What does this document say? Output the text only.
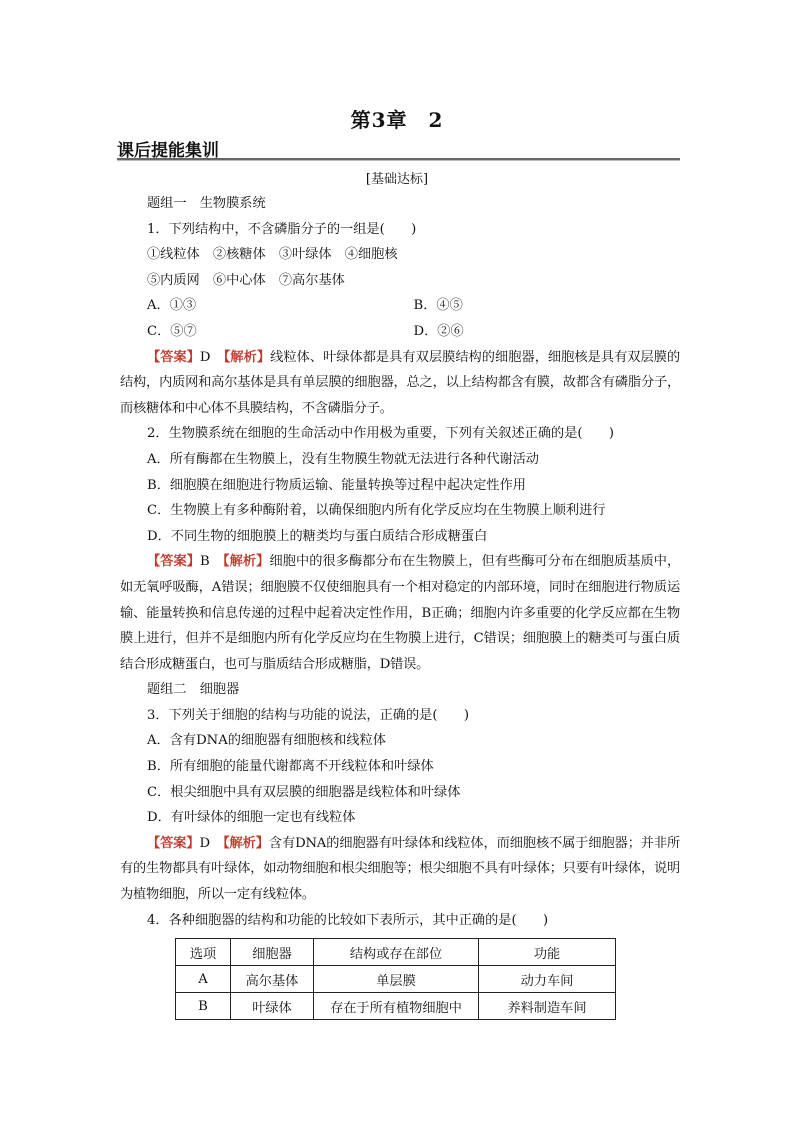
第3章　2
课后提能集训
[基础达标]
题组一　生物膜系统
1．下列结构中，不含磷脂分子的一组是(　　)
①线粒体　②核糖体　③叶绿体　④细胞核
⑤内质网　⑥中心体　⑦高尔基体
A．①③	B．④⑤
C．⑤⑦	D．②⑥
【答案】D　【解析】线粒体、叶绿体都是具有双层膜结构的细胞器，细胞核是具有双层膜的结构，内质网和高尔基体是具有单层膜的细胞器，总之，以上结构都含有膜，故都含有磷脂分子，而核糖体和中心体不具膜结构，不含磷脂分子。
2．生物膜系统在细胞的生命活动中作用极为重要，下列有关叙述正确的是(　　)
A．所有酶都在生物膜上，没有生物膜生物就无法进行各种代谢活动
B．细胞膜在细胞进行物质运输、能量转换等过程中起决定性作用
C．生物膜上有多种酶附着，以确保细胞内所有化学反应均在生物膜上顺利进行
D．不同生物的细胞膜上的糖类均与蛋白质结合形成糖蛋白
【答案】B　【解析】细胞中的很多酶都分布在生物膜上，但有些酶可分布在细胞质基质中，如无氧呼吸酶，A错误；细胞膜不仅使细胞具有一个相对稳定的内部环境，同时在细胞进行物质运输、能量转换和信息传递的过程中起着决定性作用，B正确；细胞内许多重要的化学反应都在生物膜上进行，但并不是细胞内所有化学反应均在生物膜上进行，C错误；细胞膜上的糖类可与蛋白质结合形成糖蛋白，也可与脂质结合形成糖脂，D错误。
题组二　细胞器
3．下列关于细胞的结构与功能的说法，正确的是(　　)
A．含有DNA的细胞器有细胞核和线粒体
B．所有细胞的能量代谢都离不开线粒体和叶绿体
C．根尖细胞中具有双层膜的细胞器是线粒体和叶绿体
D．有叶绿体的细胞一定也有线粒体
【答案】D　【解析】含有DNA的细胞器有叶绿体和线粒体，而细胞核不属于细胞器；并非所有的生物都具有叶绿体，如动物细胞和根尖细胞等；根尖细胞不具有叶绿体；只要有叶绿体，说明为植物细胞，所以一定有线粒体。
4．各种细胞器的结构和功能的比较如下表所示，其中正确的是(　　)
选项	细胞器	结构或存在部位	功能
A	高尔基体	单层膜	动力车间
B	叶绿体	存在于所有植物细胞中	养料制造车间
